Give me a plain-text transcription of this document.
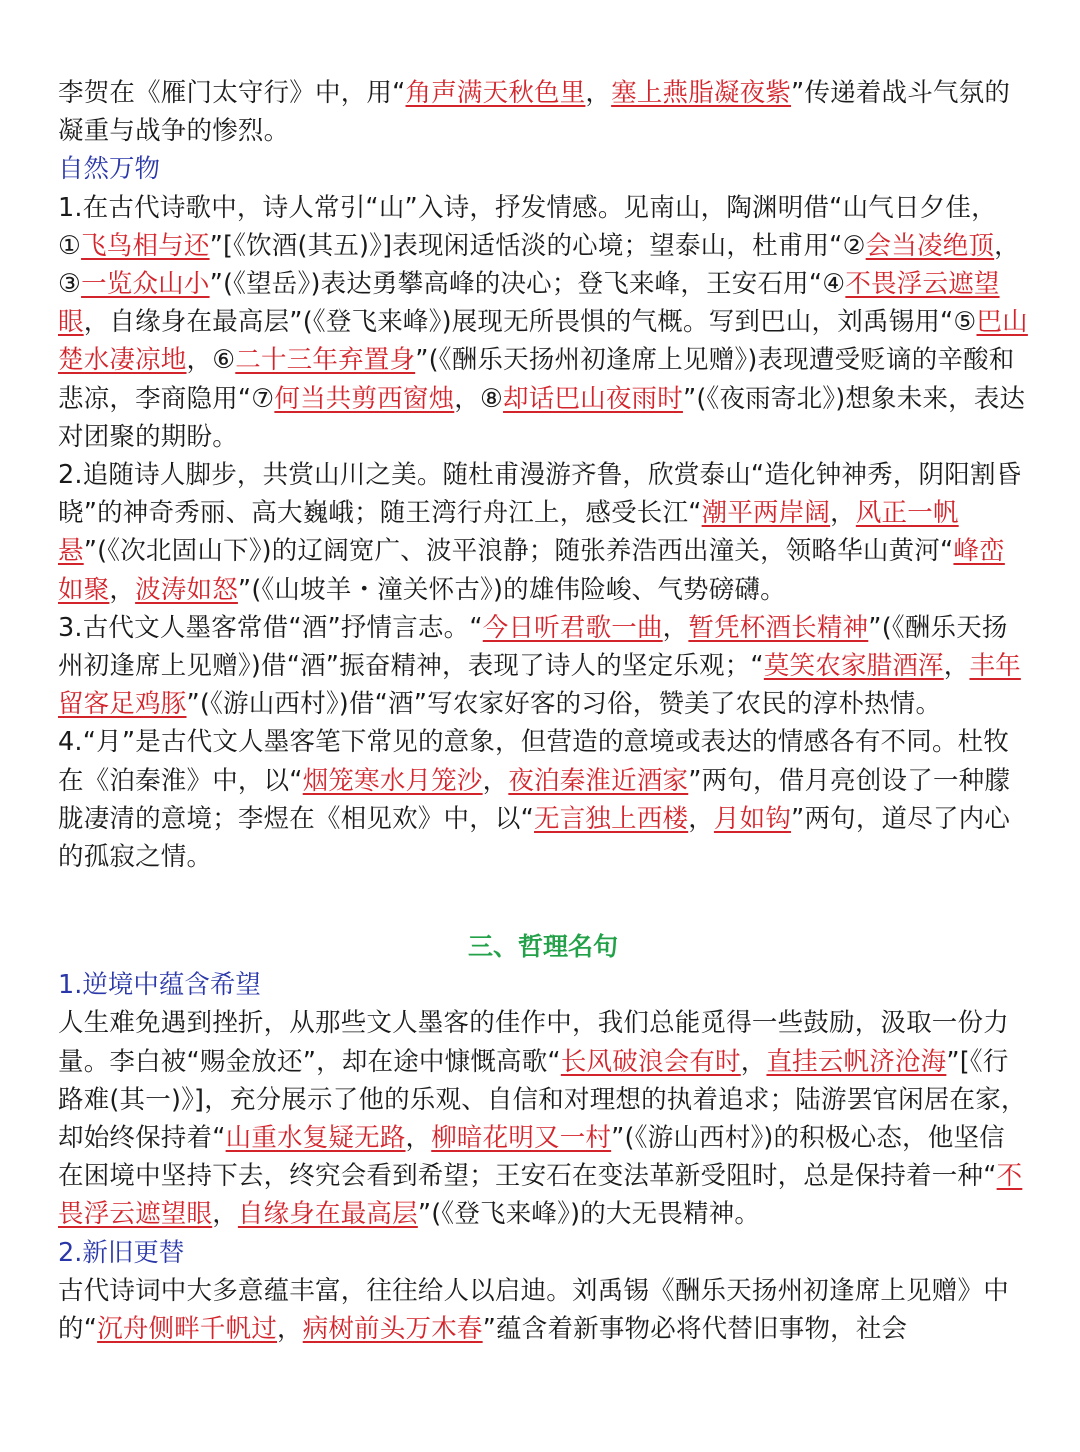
李贺在《雁门太守行》中，用“角声满天秋色里，塞上燕脂凝夜紫”传递着战斗气氛的凝重与战争的惨烈。
自然万物
1.在古代诗歌中，诗人常引“山”入诗，抒发情感。见南山，陶渊明借“山气日夕佳， ①飞鸟相与还”[《饮酒(其五)》]表现闲适恬淡的心境；望泰山，杜甫用“②会当凌绝顶，③一览众山小”(《望岳》)表达勇攀高峰的决心；登飞来峰，王安石用“④不畏浮云遮望眼，自缘身在最高层”(《登飞来峰》)展现无所畏惧的气概。写到巴山，刘禹锡用“⑤巴山楚水凄凉地，⑥二十三年弃置身”(《酬乐天扬州初逢席上见赠》)表现遭受贬谪的辛酸和悲凉，李商隐用“⑦何当共剪西窗烛，⑧却话巴山夜雨时”(《夜雨寄北》)想象未来，表达对团聚的期盼。
2.追随诗人脚步，共赏山川之美。随杜甫漫游齐鲁，欣赏泰山“造化钟神秀，阴阳割昏晓”的神奇秀丽、高大巍峨；随王湾行舟江上，感受长江“潮平两岸阔，风正一帆悬”(《次北固山下》)的辽阔宽广、波平浪静；随张养浩西出潼关，领略华山黄河“峰峦如聚，波涛如怒”(《山坡羊・潼关怀古》)的雄伟险峻、气势磅礴。
3.古代文人墨客常借“酒”抒情言志。“今日听君歌一曲，暂凭杯酒长精神”(《酬乐天扬州初逢席上见赠》)借“酒”振奋精神，表现了诗人的坚定乐观；“莫笑农家腊酒浑，丰年留客足鸡豚”(《游山西村》)借“酒”写农家好客的习俗，赞美了农民的淳朴热情。
4.“月”是古代文人墨客笔下常见的意象，但营造的意境或表达的情感各有不同。杜牧在《泊秦淮》中，以“烟笼寒水月笼沙，夜泊秦淮近酒家”两句，借月亮创设了一种朦胧凄清的意境；李煜在《相见欢》中，以“无言独上西楼，月如钩”两句，道尽了内心的孤寂之情。
三、哲理名句
1.逆境中蕴含希望
人生难免遇到挫折，从那些文人墨客的佳作中，我们总能觅得一些鼓励，汲取一份力量。李白被“赐金放还”，却在途中慷慨高歌“长风破浪会有时，直挂云帆济沧海”[《行路难(其一)》]，充分展示了他的乐观、自信和对理想的执着追求；陆游罢官闲居在家，却始终保持着“山重水复疑无路，柳暗花明又一村”(《游山西村》)的积极心态，他坚信在困境中坚持下去，终究会看到希望；王安石在变法革新受阻时，总是保持着一种“不畏浮云遮望眼，自缘身在最高层”(《登飞来峰》)的大无畏精神。
2.新旧更替
古代诗词中大多意蕴丰富，往往给人以启迪。刘禹锡《酬乐天扬州初逢席上见赠》中的“沉舟侧畔千帆过，病树前头万木春”蕴含着新事物必将代替旧事物，社会
